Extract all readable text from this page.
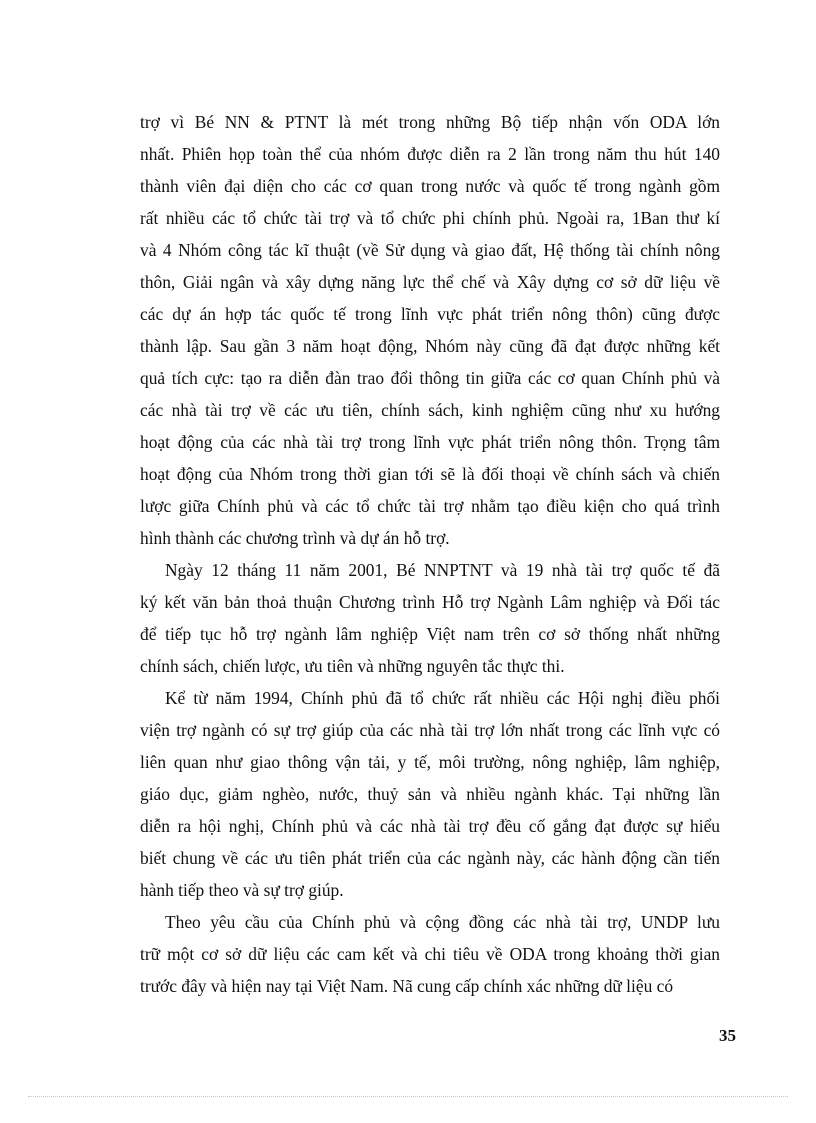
trợ vì Bé NN & PTNT là mét trong những Bộ tiếp nhận vốn ODA lớn
nhất. Phiên họp toàn thể của nhóm được diễn ra 2 lần trong năm thu hút 140
thành viên đại diện cho các cơ quan trong nước và quốc tế trong ngành gồm
rất nhiều các tổ chức tài trợ và tổ chức phi chính phủ. Ngoài ra, 1Ban thư kí
và 4 Nhóm công tác kĩ thuật (về Sử dụng và giao đất, Hệ thống tài chính nông
thôn, Giải ngân và xây dựng năng lực thể chế và Xây dựng cơ sở dữ liệu về
các dự án hợp tác quốc tế trong lĩnh vực phát triển nông thôn) cũng được
thành lập. Sau gần 3 năm hoạt động, Nhóm này cũng đã đạt được những kết
quả tích cực: tạo ra diễn đàn trao đổi thông tin giữa các cơ quan Chính phủ và
các nhà tài trợ về các ưu tiên, chính sách, kinh nghiệm cũng như xu hướng
hoạt động của các nhà tài trợ trong lĩnh vực phát triển nông thôn. Trọng tâm
hoạt động của Nhóm trong thời gian tới sẽ là đối thoại về chính sách và chiến
lược giữa Chính phủ và các tổ chức tài trợ nhằm tạo điều kiện cho quá trình
hình thành các chương trình và dự án hỗ trợ.
Ngày 12 tháng 11 năm 2001, Bé NNPTNT và 19 nhà tài trợ quốc tế đã
ký kết văn bản thoả thuận Chương trình Hỗ trợ Ngành Lâm nghiệp và Đối tác
để tiếp tục hỗ trợ ngành lâm nghiệp Việt nam trên cơ sở thống nhất những
chính sách, chiến lược, ưu tiên và những nguyên tắc thực thi.
Kể từ năm 1994, Chính phủ đã tổ chức rất nhiều các Hội nghị điều phối
viện trợ ngành có sự trợ giúp của các nhà tài trợ lớn nhất trong các lĩnh vực có
liên quan như giao thông vận tải, y tế, môi trường, nông nghiệp, lâm nghiệp,
giáo dục, giảm nghèo, nước, thuỷ sản và nhiều ngành khác. Tại những lần
diễn ra hội nghị, Chính phủ và các nhà tài trợ đều cố gắng đạt được sự hiểu
biết chung về các ưu tiên phát triển của các ngành này, các hành động cần tiến
hành tiếp theo và sự trợ giúp.
Theo yêu cầu của Chính phủ và cộng đồng các nhà tài trợ, UNDP lưu
trữ một cơ sở dữ liệu các cam kết và chi tiêu về ODA trong khoảng thời gian
trước đây và hiện nay tại Việt Nam. Nã cung cấp chính xác những dữ liệu có
35
